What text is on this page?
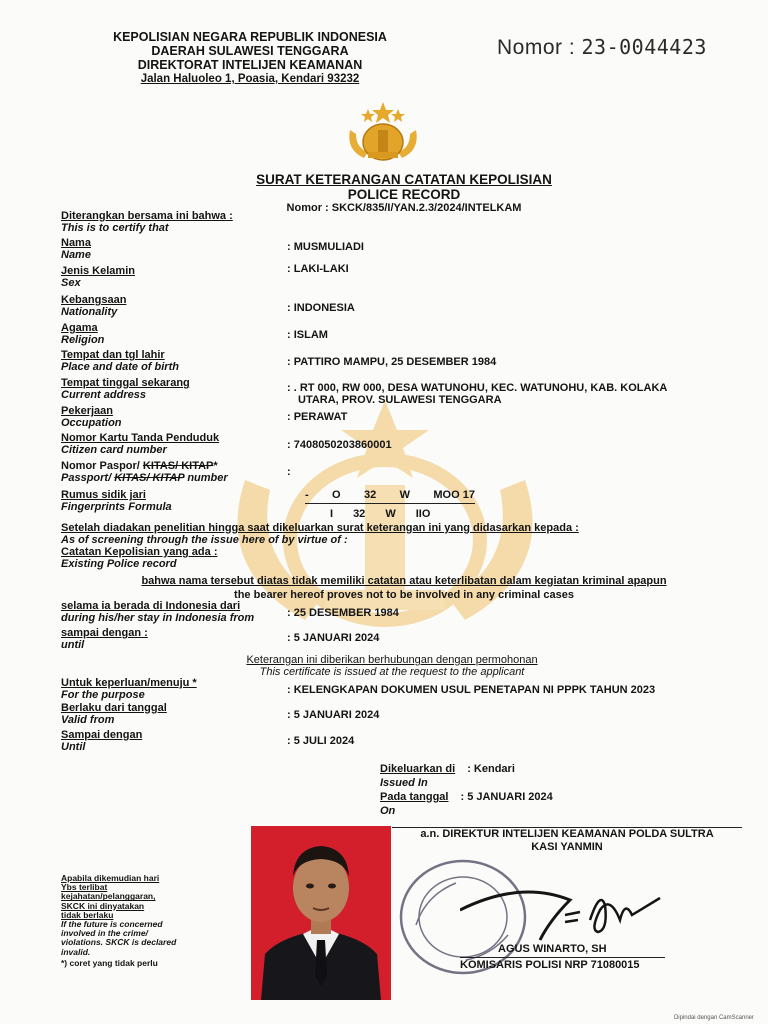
KEPOLISIAN NEGARA REPUBLIK INDONESIA
DAERAH SULAWESI TENGGARA
DIREKTORAT INTELIJEN KEAMANAN
Jalan Haluoleo 1, Poasia, Kendari 93232
Nomor : 23-0044423
SURAT KETERANGAN CATATAN KEPOLISIAN
POLICE RECORD
Nomor : SKCK/835/I/YAN.2.3/2024/INTELKAM
Diterangkan bersama ini bahwa :
This is to certify that
Nama
Name
: MUSMULIADI
Jenis Kelamin
Sex
: LAKI-LAKI
Kebangsaan
Nationality	: INDONESIA
Agama
Religion	: ISLAM
Tempat dan tgl lahir
Place and date of birth	: PATTIRO MAMPU, 25 DESEMBER 1984
Tempat tinggal sekarang
Current address
: . RT 000, RW 000, DESA WATUNOHU, KEC. WATUNOHU, KAB. KOLAKA
UTARA, PROV. SULAWESI TENGGARA
Pekerjaan
Occupation	: PERAWAT
Nomor Kartu Tanda Penduduk
Citizen card number	: 7408050203860001
Nomor Paspor/ KITAS/ KITAP*
Passport/ KITAS/ KITAP number	:
Rumus sidik jari
Fingerprints Formula
- O 32 W MOO 17
I 32 W IIO
Setelah diadakan penelitian hingga saat dikeluarkan surat keterangan ini yang didasarkan kepada :
As of screening through the issue here of by virtue of :
Catatan Kepolisian yang ada :
Existing Police record
bahwa nama tersebut diatas tidak memiliki catatan atau keterlibatan dalam kegiatan kriminal apapun
the bearer hereof proves not to be involved in any criminal cases
selama ia berada di Indonesia dari
during his/her stay in Indonesia from	: 25 DESEMBER 1984
sampai dengan :
until
: 5 JANUARI 2024
Keterangan ini diberikan berhubungan dengan permohonan
This certificate is issued at the request to the applicant
Untuk keperluan/menuju *
For the purpose	: KELENGKAPAN DOKUMEN USUL PENETAPAN NI PPPK TAHUN 2023
Berlaku dari tanggal
Valid from	: 5 JANUARI 2024
Sampai dengan
Until	: 5 JULI 2024
Dikeluarkan di : Kendari
Issued In
Pada tanggal : 5 JANUARI 2024
On
a.n. DIREKTUR INTELIJEN KEAMANAN POLDA SULTRA
KASI YANMIN
AGUS WINARTO, SH
KOMISARIS POLISI NRP 71080015
Apabila dikemudian hari
Ybs terlibat
kejahatan/pelanggaran,
SKCK ini dinyatakan
tidak berlaku
If the future is concerned
involved in the crime/
violations. SKCK is declared
invalid.
*) coret yang tidak perlu
Dipindai dengan CamScanner
